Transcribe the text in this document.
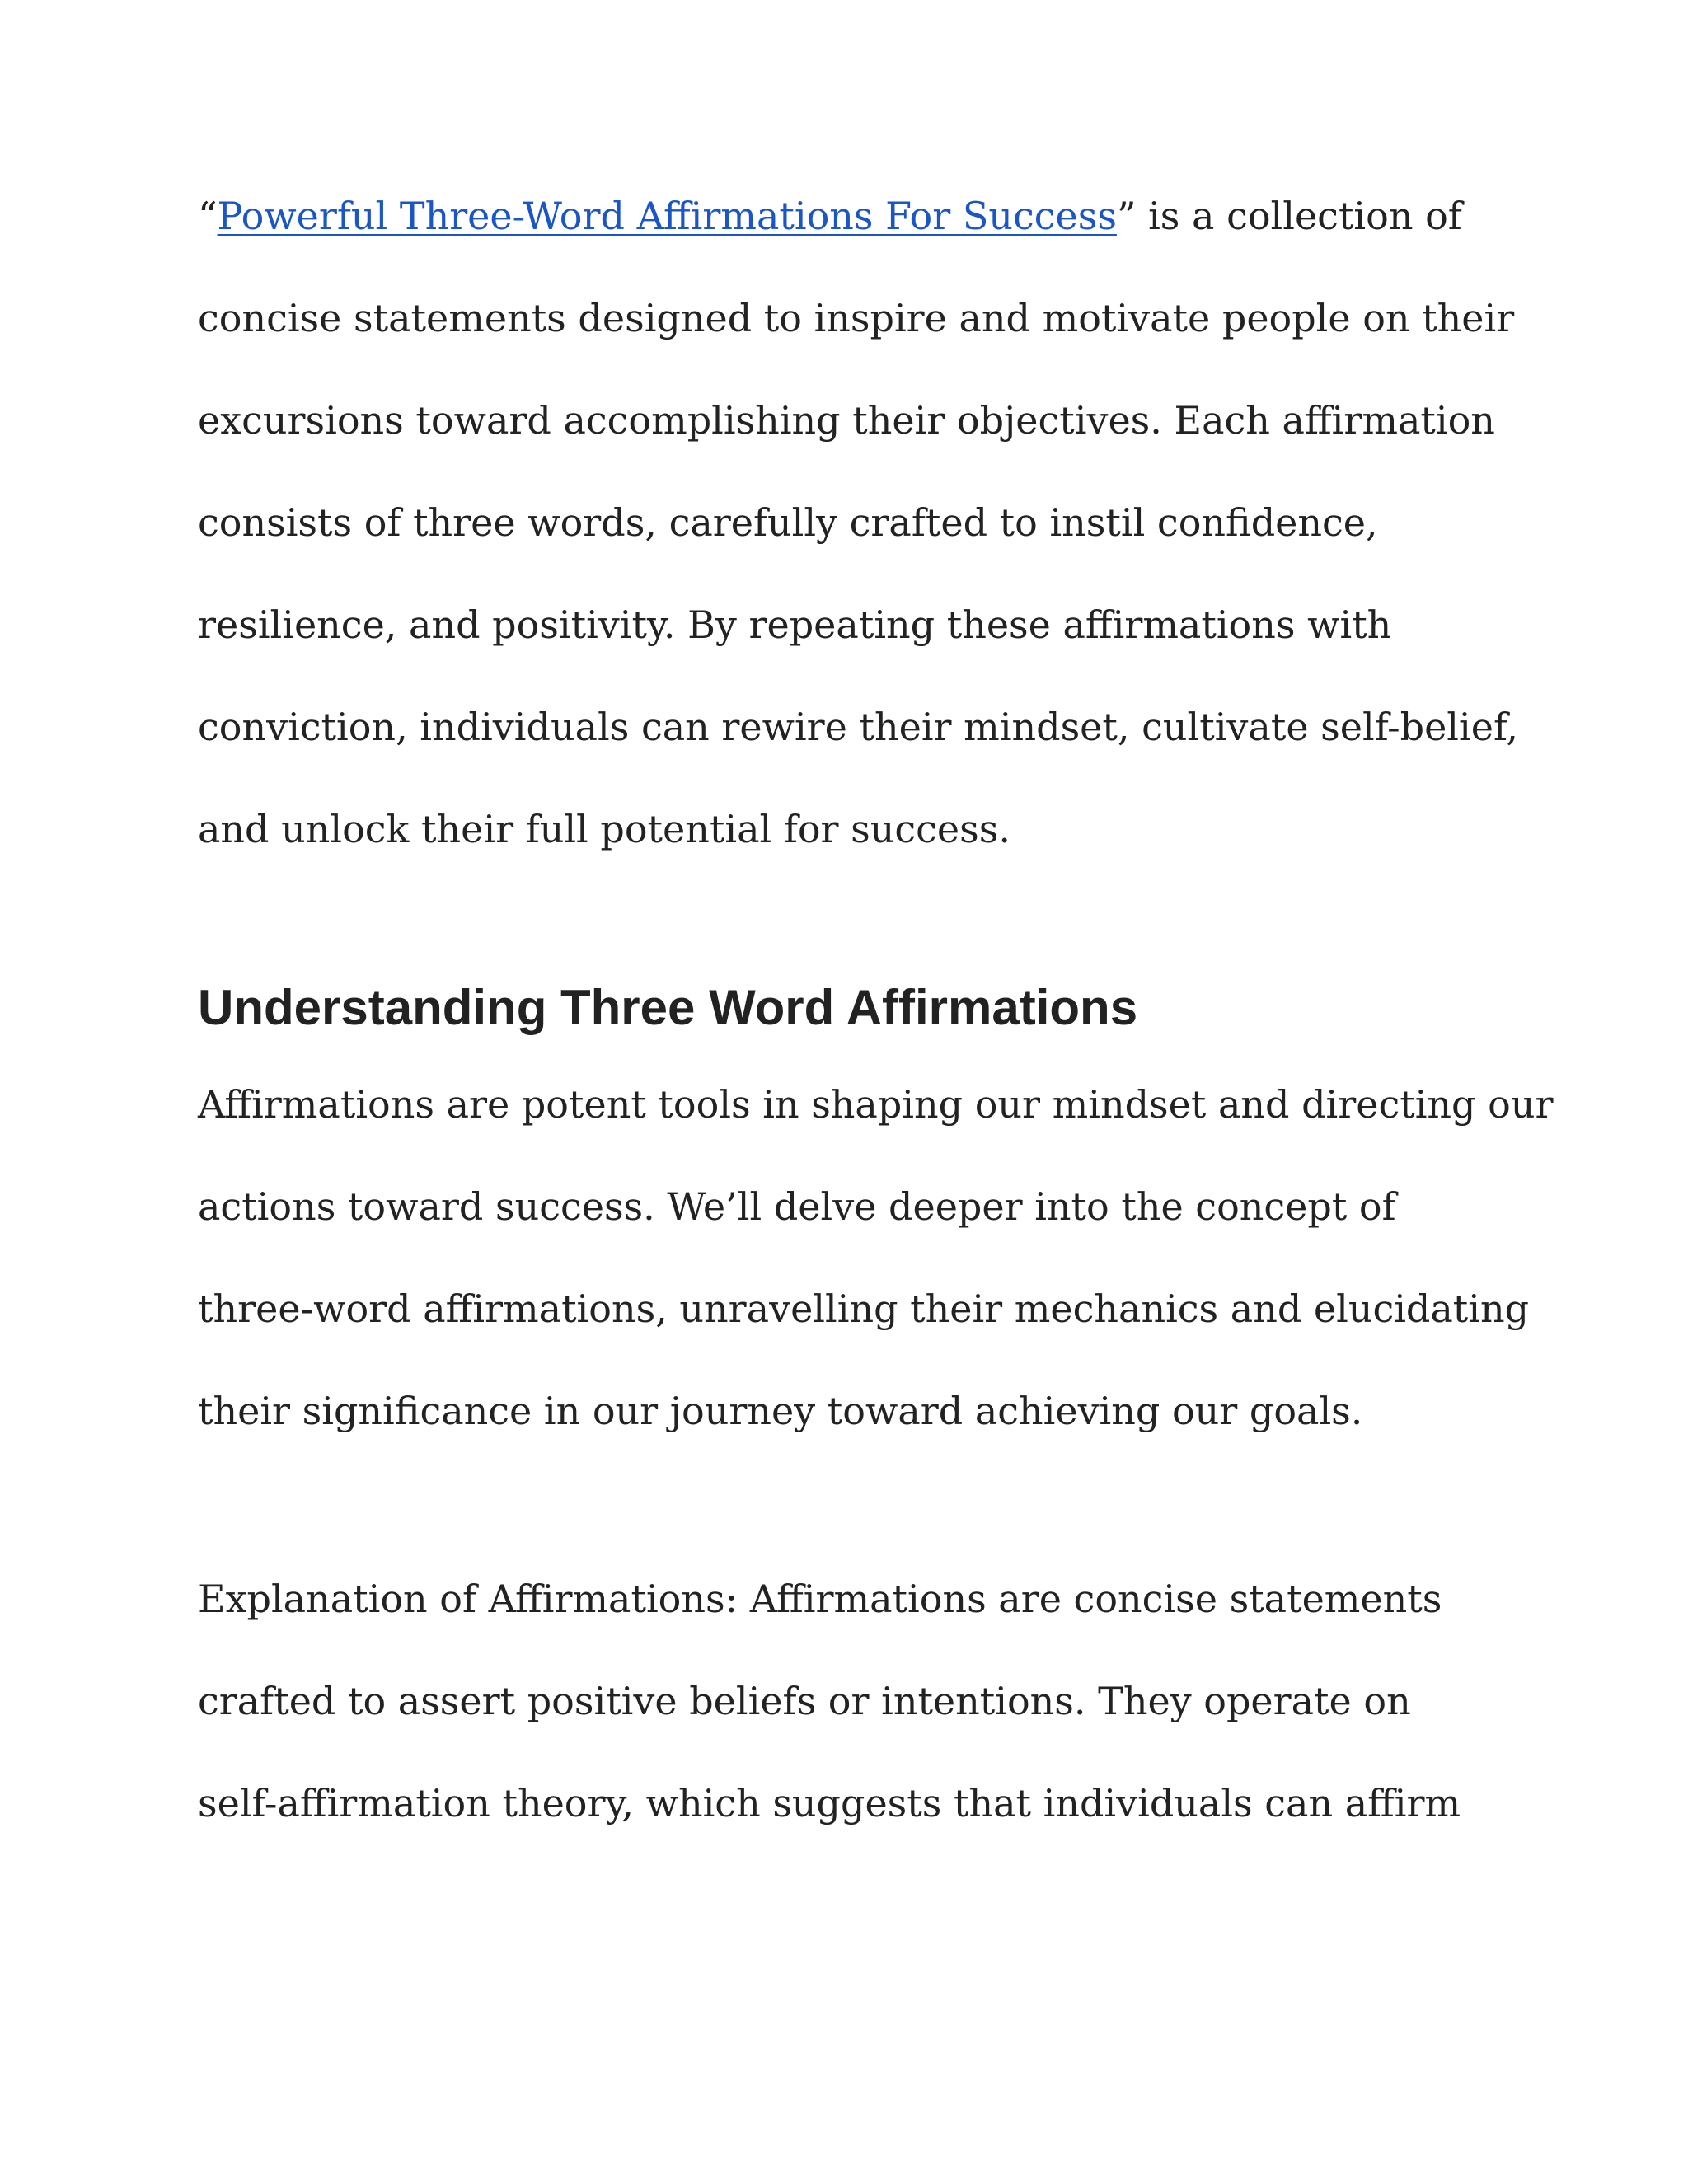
“Powerful Three-Word Affirmations For Success” is a collection of
concise statements designed to inspire and motivate people on their
excursions toward accomplishing their objectives. Each affirmation
consists of three words, carefully crafted to instil confidence,
resilience, and positivity. By repeating these affirmations with
conviction, individuals can rewire their mindset, cultivate self-belief,
and unlock their full potential for success.

Understanding Three Word Affirmations

Affirmations are potent tools in shaping our mindset and directing our
actions toward success. We’ll delve deeper into the concept of
three-word affirmations, unravelling their mechanics and elucidating
their significance in our journey toward achieving our goals.

Explanation of Affirmations: Affirmations are concise statements
crafted to assert positive beliefs or intentions. They operate on
self-affirmation theory, which suggests that individuals can affirm
